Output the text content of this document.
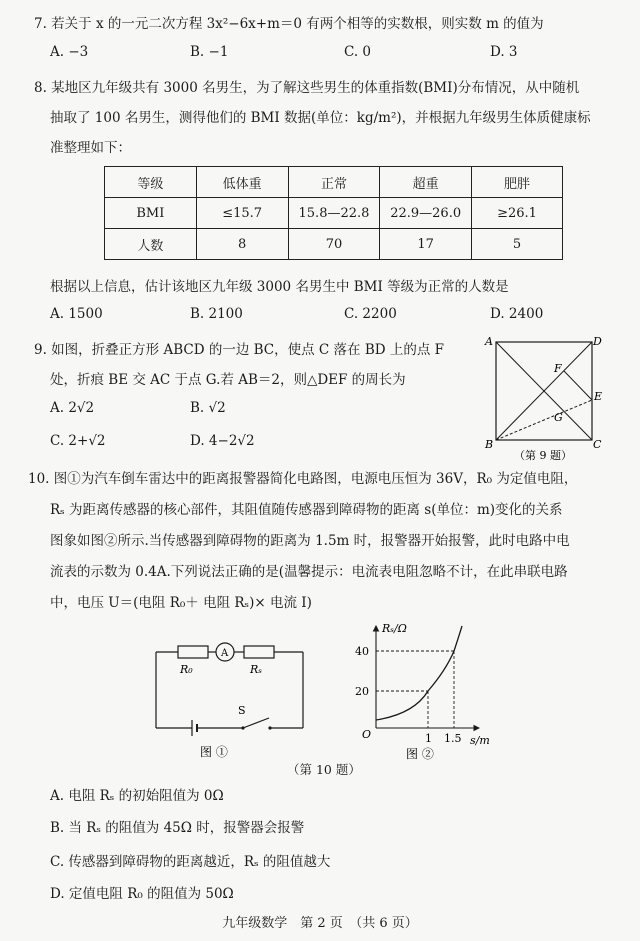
7. 若关于 x 的一元二次方程 3x²−6x+m＝0 有两个相等的实数根，则实数 m 的值为
A. −3	B. −1	C. 0	D. 3
8. 某地区九年级共有 3000 名男生，为了解这些男生的体重指数(BMI)分布情况，从中随机
抽取了 100 名男生，测得他们的 BMI 数据(单位：kg/m²)，并根据九年级男生体质健康标
准整理如下：
等级	低体重	正常	超重	肥胖
BMI	≤15.7	15.8—22.8	22.9—26.0	≥26.1
人数	8	70	17	5
根据以上信息，估计该地区九年级 3000 名男生中 BMI 等级为正常的人数是
A. 1500	B. 2100	C. 2200	D. 2400
9. 如图，折叠正方形 ABCD 的一边 BC，使点 C 落在 BD 上的点 F
处，折痕 BE 交 AC 于点 G.若 AB＝2，则△DEF 的周长为
A. 2√2	B. √2
C. 2+√2	D. 4−2√2
A	D
B	C
E
F
G
（第 9 题）
10. 图①为汽车倒车雷达中的距离报警器简化电路图，电源电压恒为 36V，R₀ 为定值电阻，
Rₛ 为距离传感器的核心部件，其阻值随传感器到障碍物的距离 s(单位：m)变化的关系
图象如图②所示.当传感器到障碍物的距离为 1.5m 时，报警器开始报警，此时电路中电
流表的示数为 0.4A.下列说法正确的是(温馨提示：电流表电阻忽略不计，在此串联电路
中，电压 U＝(电阻 R₀＋ 电阻 Rₛ)× 电流 I)
R₀
A
Rₛ
S
图 ①
Rₛ/Ω
40
20
O	1 1.5 s/m
图 ②
（第 10 题）
A. 电阻 Rₛ 的初始阻值为 0Ω
B. 当 Rₛ 的阻值为 45Ω 时，报警器会报警
C. 传感器到障碍物的距离越近，Rₛ 的阻值越大
D. 定值电阻 R₀ 的阻值为 50Ω
九年级数学　第 2 页　（共 6 页）
